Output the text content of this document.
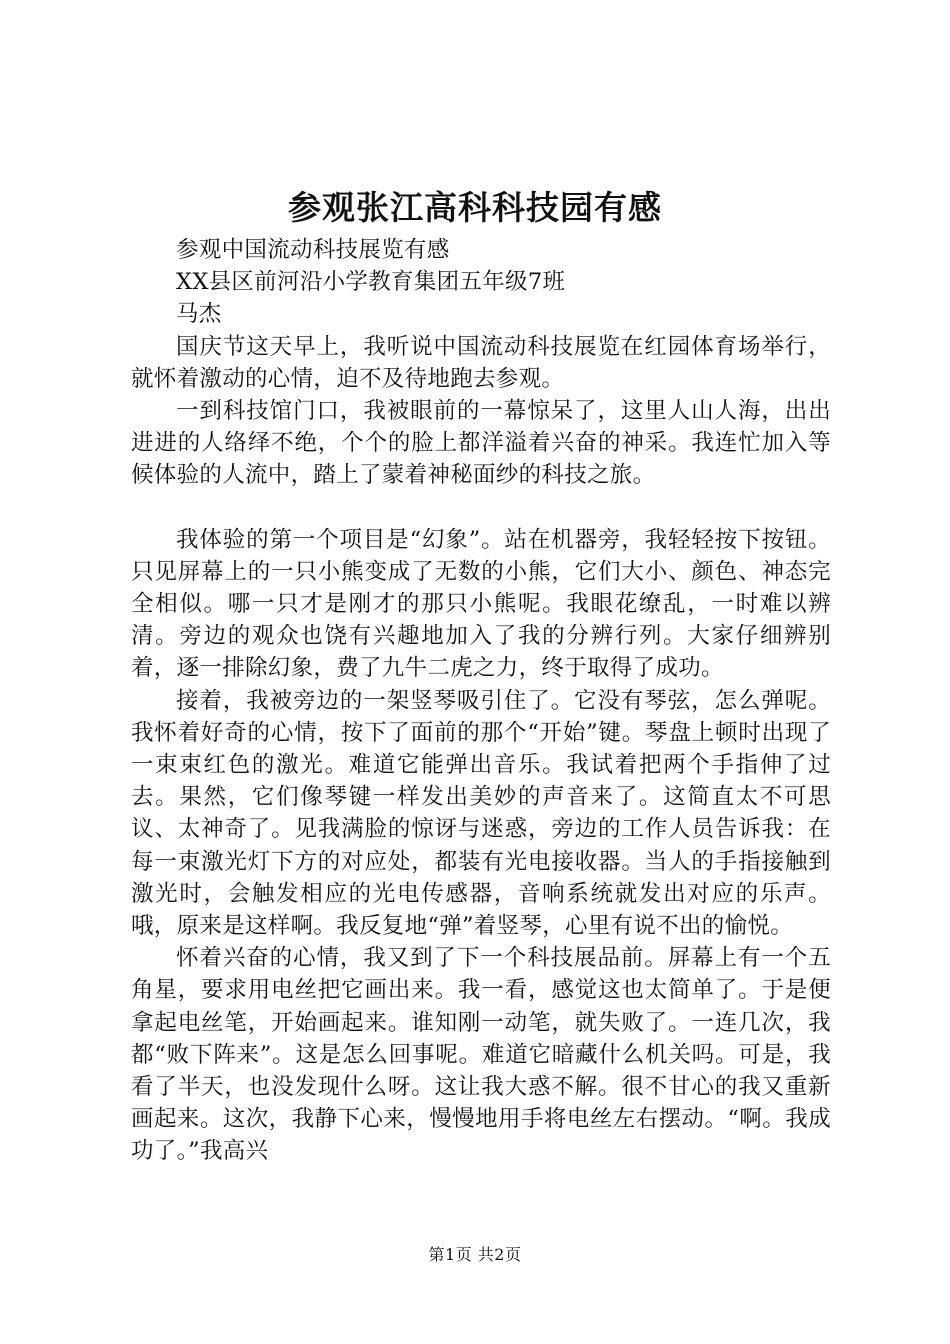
参观张江高科科技园有感

参观中国流动科技展览有感

XX县区前河沿小学教育集团五年级7班

马杰

国庆节这天早上，我听说中国流动科技展览在红园体育场举行，就怀着激动的心情，迫不及待地跑去参观。

一到科技馆门口，我被眼前的一幕惊呆了，这里人山人海，出出进进的人络绎不绝，个个的脸上都洋溢着兴奋的神采。我连忙加入等候体验的人流中，踏上了蒙着神秘面纱的科技之旅。

我体验的第一个项目是“幻象”。站在机器旁，我轻轻按下按钮。只见屏幕上的一只小熊变成了无数的小熊，它们大小、颜色、神态完全相似。哪一只才是刚才的那只小熊呢。我眼花缭乱，一时难以辨清。旁边的观众也饶有兴趣地加入了我的分辨行列。大家仔细辨别着，逐一排除幻象，费了九牛二虎之力，终于取得了成功。

接着，我被旁边的一架竖琴吸引住了。它没有琴弦，怎么弹呢。我怀着好奇的心情，按下了面前的那个“开始”键。琴盘上顿时出现了一束束红色的激光。难道它能弹出音乐。我试着把两个手指伸了过去。果然，它们像琴键一样发出美妙的声音来了。这简直太不可思议、太神奇了。见我满脸的惊讶与迷惑，旁边的工作人员告诉我：在每一束激光灯下方的对应处，都装有光电接收器。当人的手指接触到激光时，会触发相应的光电传感器，音响系统就发出对应的乐声。哦，原来是这样啊。我反复地“弹”着竖琴，心里有说不出的愉悦。

怀着兴奋的心情，我又到了下一个科技展品前。屏幕上有一个五角星，要求用电丝把它画出来。我一看，感觉这也太简单了。于是便拿起电丝笔，开始画起来。谁知刚一动笔，就失败了。一连几次，我都“败下阵来”。这是怎么回事呢。难道它暗藏什么机关吗。可是，我看了半天，也没发现什么呀。这让我大惑不解。很不甘心的我又重新画起来。这次，我静下心来，慢慢地用手将电丝左右摆动。“啊。我成功了。”我高兴

第1页 共2页
